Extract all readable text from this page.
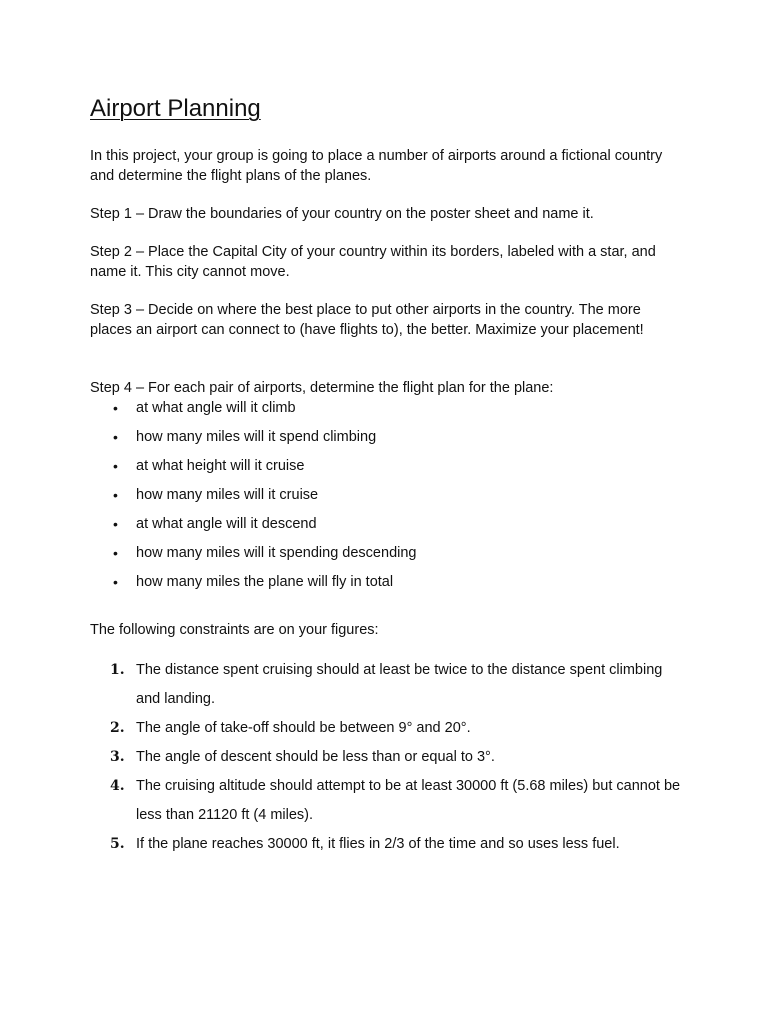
Airport Planning

In this project, your group is going to place a number of airports around a fictional country and determine the flight plans of the planes.

Step 1 – Draw the boundaries of your country on the poster sheet and name it.

Step 2 – Place the Capital City of your country within its borders, labeled with a star, and name it. This city cannot move.

Step 3 – Decide on where the best place to put other airports in the country. The more places an airport can connect to (have flights to), the better. Maximize your placement!

Step 4 – For each pair of airports, determine the flight plan for the plane:

• at what angle will it climb
• how many miles will it spend climbing
• at what height will it cruise
• how many miles will it cruise
• at what angle will it descend
• how many miles will it spending descending
• how many miles the plane will fly in total

The following constraints are on your figures:

1. The distance spent cruising should at least be twice to the distance spent climbing and landing.
2. The angle of take-off should be between 9° and 20°.
3. The angle of descent should be less than or equal to 3°.
4. The cruising altitude should attempt to be at least 30000 ft (5.68 miles) but cannot be less than 21120 ft (4 miles).
5. If the plane reaches 30000 ft, it flies in 2/3 of the time and so uses less fuel.
